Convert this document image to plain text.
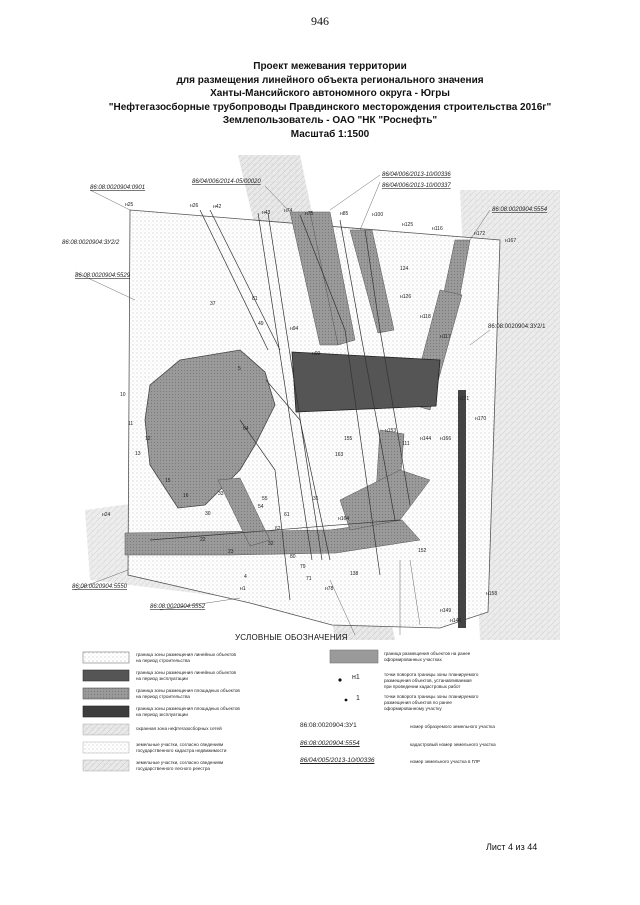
946
Проект межевания территории
для размещения линейного объекта регионального значения
Ханты-Мансийского автономного округа - Югры
"Нефтегазосборные трубопроводы Правдинского месторождения строительства 2016г"
Землепользователь - ОАО "НК "Роснефть"
Масштаб 1:1500
86:08:0020904:0901
86/04/006/2014-05/00020
86/04/006/2013-10/00336
86/04/006/2013-10/00337
86:08:0020904:5554
86:08:0020904:ЗУ2/2
86:08:0020904:5529
86:08:0020904:ЗУ2/1
86:08:0020904:5550
86:08:0020904:5552
н25	н26	н42
н43	н74	н75	н85	н100
н116
н172
н167
н125
124
н126
н118
н117
н171
н170
н24
н1	н78
н158
н149
н146
10
11
12
13
15
16
22
23
4
5
37
81
49
64
н94
н99
н164
155
163
152
138
111
н153
н144 н166
80
79
71
61
62
55
54
33
30
31
32
УСЛОВНЫЕ ОБОЗНАЧЕНИЯ
граница зоны размещения линейных объектов
на период строительства
граница зоны размещения линейных объектов
на период эксплуатации
граница зоны размещения площадных объектов
на период строительства
граница зоны размещения площадных объектов
на период эксплуатации
охранная зона нефтегазосборных сетей
земельные участки, согласно сведениям
государственного кадастра недвижимости
земельные участки, согласно сведениям
государственного лесного реестра
граница размещения объектов на ранее
оформированных участках
н1	точки поворота границы зоны планируемого
размещения объектов, устанавливаемая
при проведении кадастровых работ
1	точки поворота границы зоны планируемого
размещения объектов по ранее
оформированному участку
86:08:0020904:ЗУ1	номер образуемого земельного участка
86:08:0020904:5554	кадастровый номер земельного участка
86/04/005/2013-10/00336	номер земельного участка в ГЛР
Лист 4 из 44
